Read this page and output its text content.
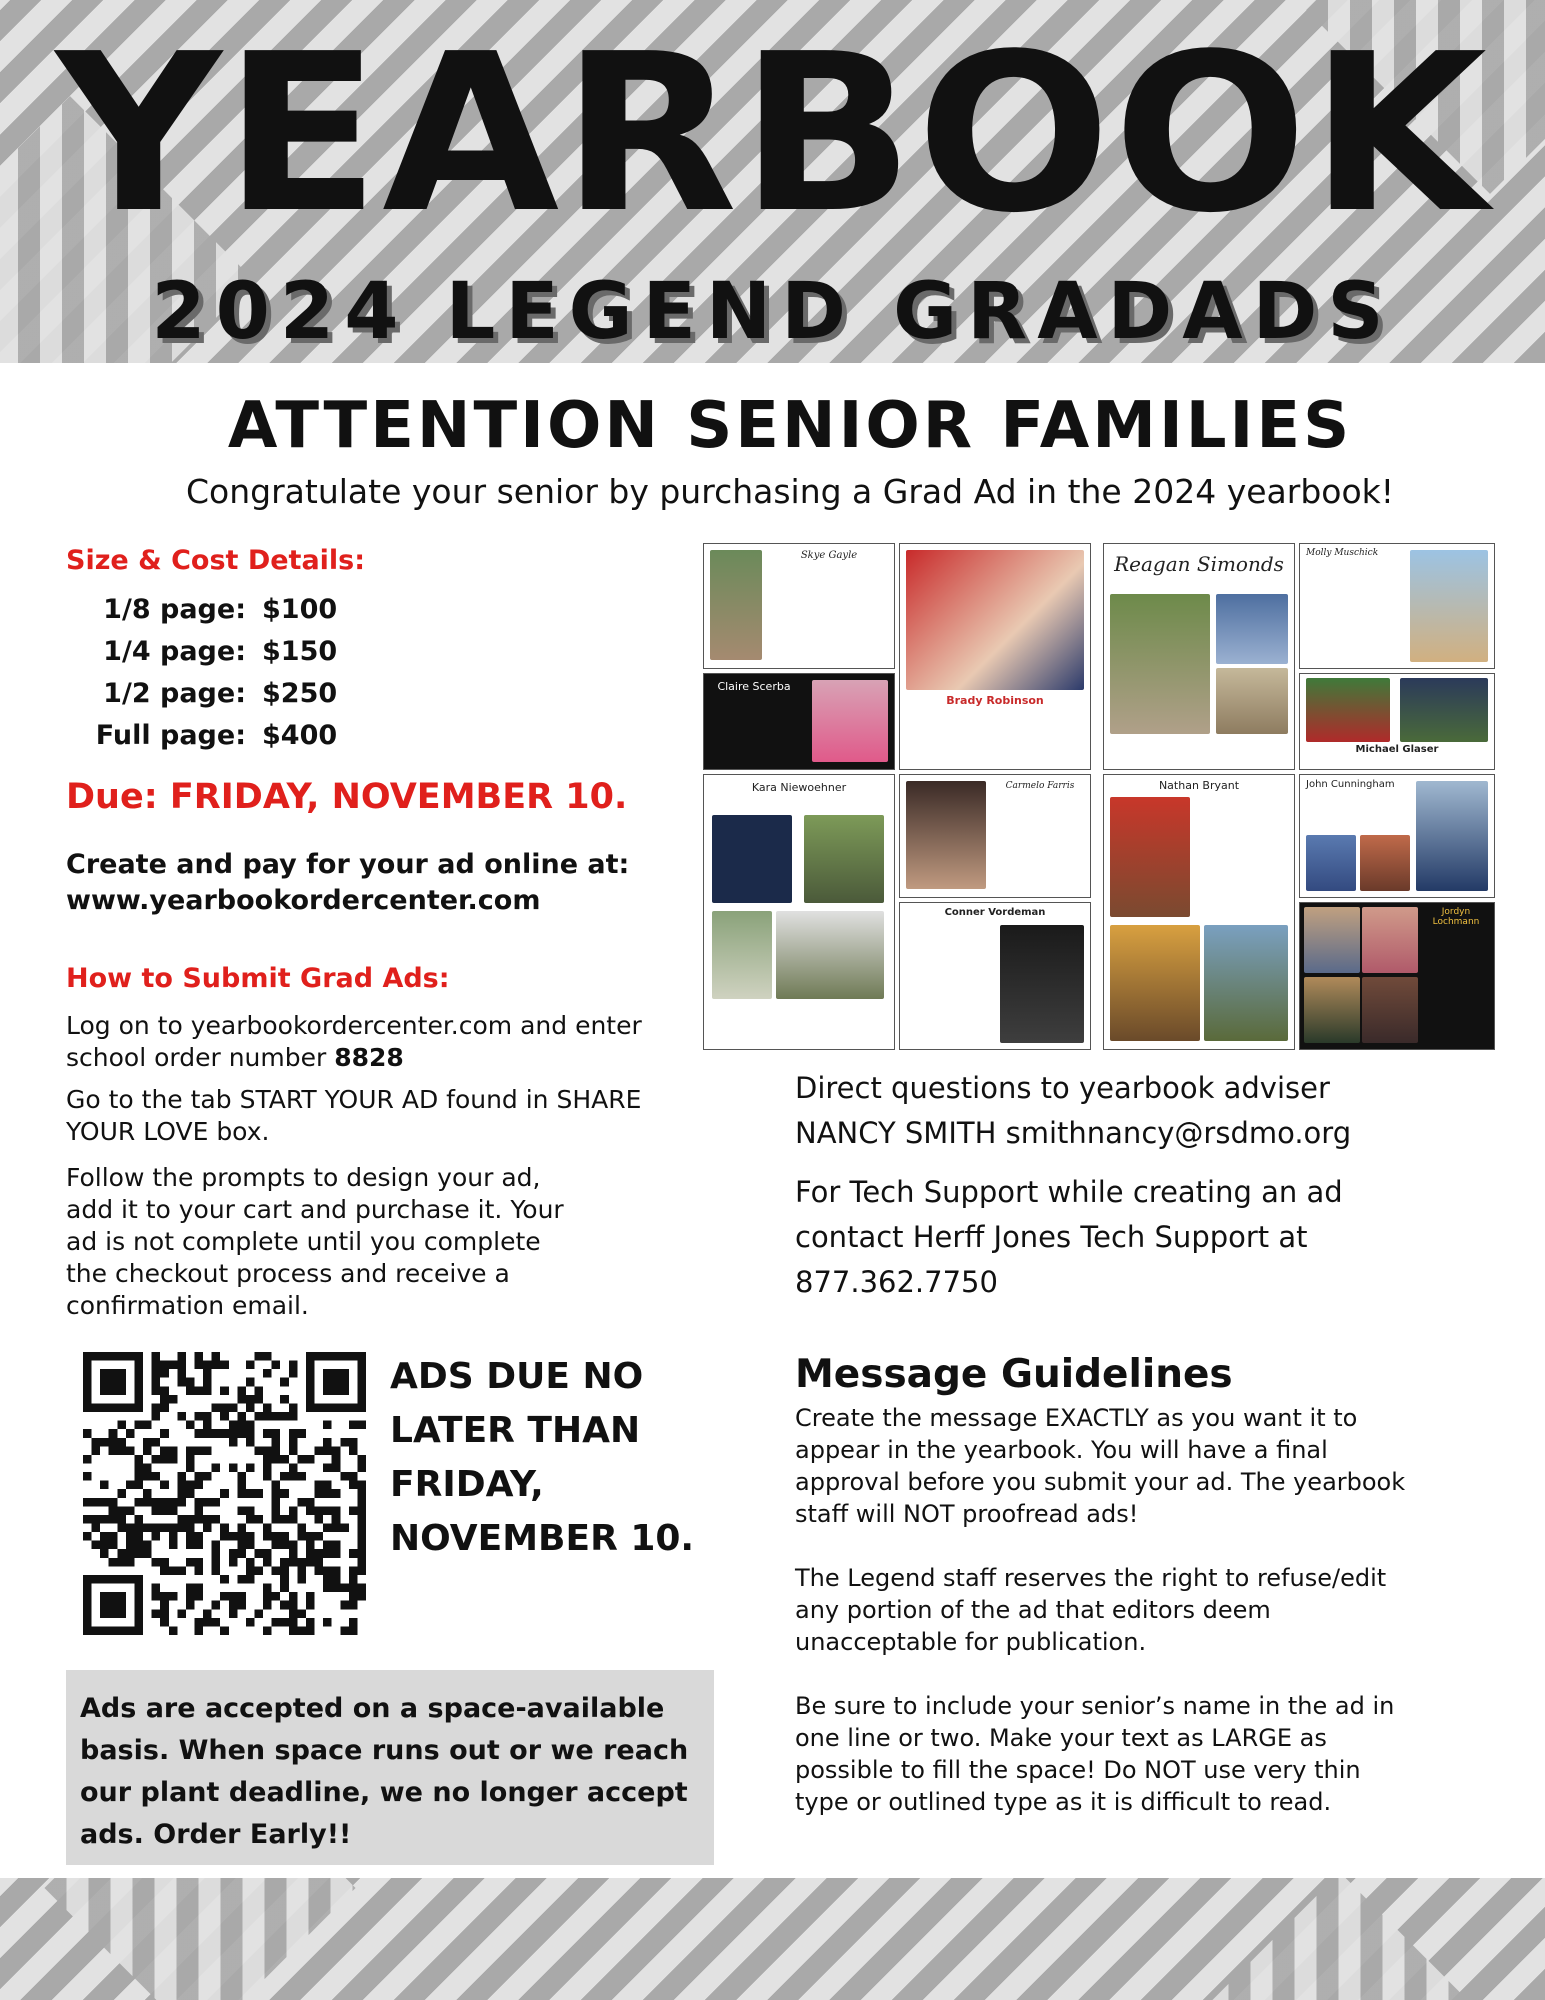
YEARBOOK
2024 LEGEND GRADADS
ATTENTION SENIOR FAMILIES
Congratulate your senior by purchasing a Grad Ad in the 2024 yearbook!
Size & Cost Details:
1/8 page: $100
1/4 page: $150
1/2 page: $250
Full page: $400
Due: FRIDAY, NOVEMBER 10.
Create and pay for your ad online at:
www.yearbookordercenter.com
How to Submit Grad Ads:
Log on to yearbookordercenter.com and enter
school order number 8828
Go to the tab START YOUR AD found in SHARE
YOUR LOVE box.
Follow the prompts to design your ad,
add it to your cart and purchase it. Your
ad is not complete until you complete
the checkout process and receive a
confirmation email.
ADS DUE NO
LATER THAN
FRIDAY,
NOVEMBER 10.

Ads are accepted on a space-available basis. When space runs out or we reach our plant deadline, we no longer accept ads. Order Early!!

Skye Gayle
Claire Scerba
Brady Robinson
Kara Niewoehner	Carmelo Farris
Conner Vordeman
Reagan Simonds	Molly Muschick
Michael Glaser
Nathan Bryant	John Cunningham
Jordyn Lochmann
Direct questions to yearbook adviser
NANCY SMITH smithnancy@rsdmo.org
For Tech Support while creating an ad
contact Herff Jones Tech Support at
877.362.7750
Message Guidelines

Create the message EXACTLY as you want it to appear in the yearbook. You will have a final approval before you submit your ad. The yearbook staff will NOT proofread ads!

The Legend staff reserves the right to refuse/edit any portion of the ad that editors deem unacceptable for publication.

Be sure to include your senior’s name in the ad in one line or two. Make your text as LARGE as possible to fill the space! Do NOT use very thin type or outlined type as it is difficult to read.
